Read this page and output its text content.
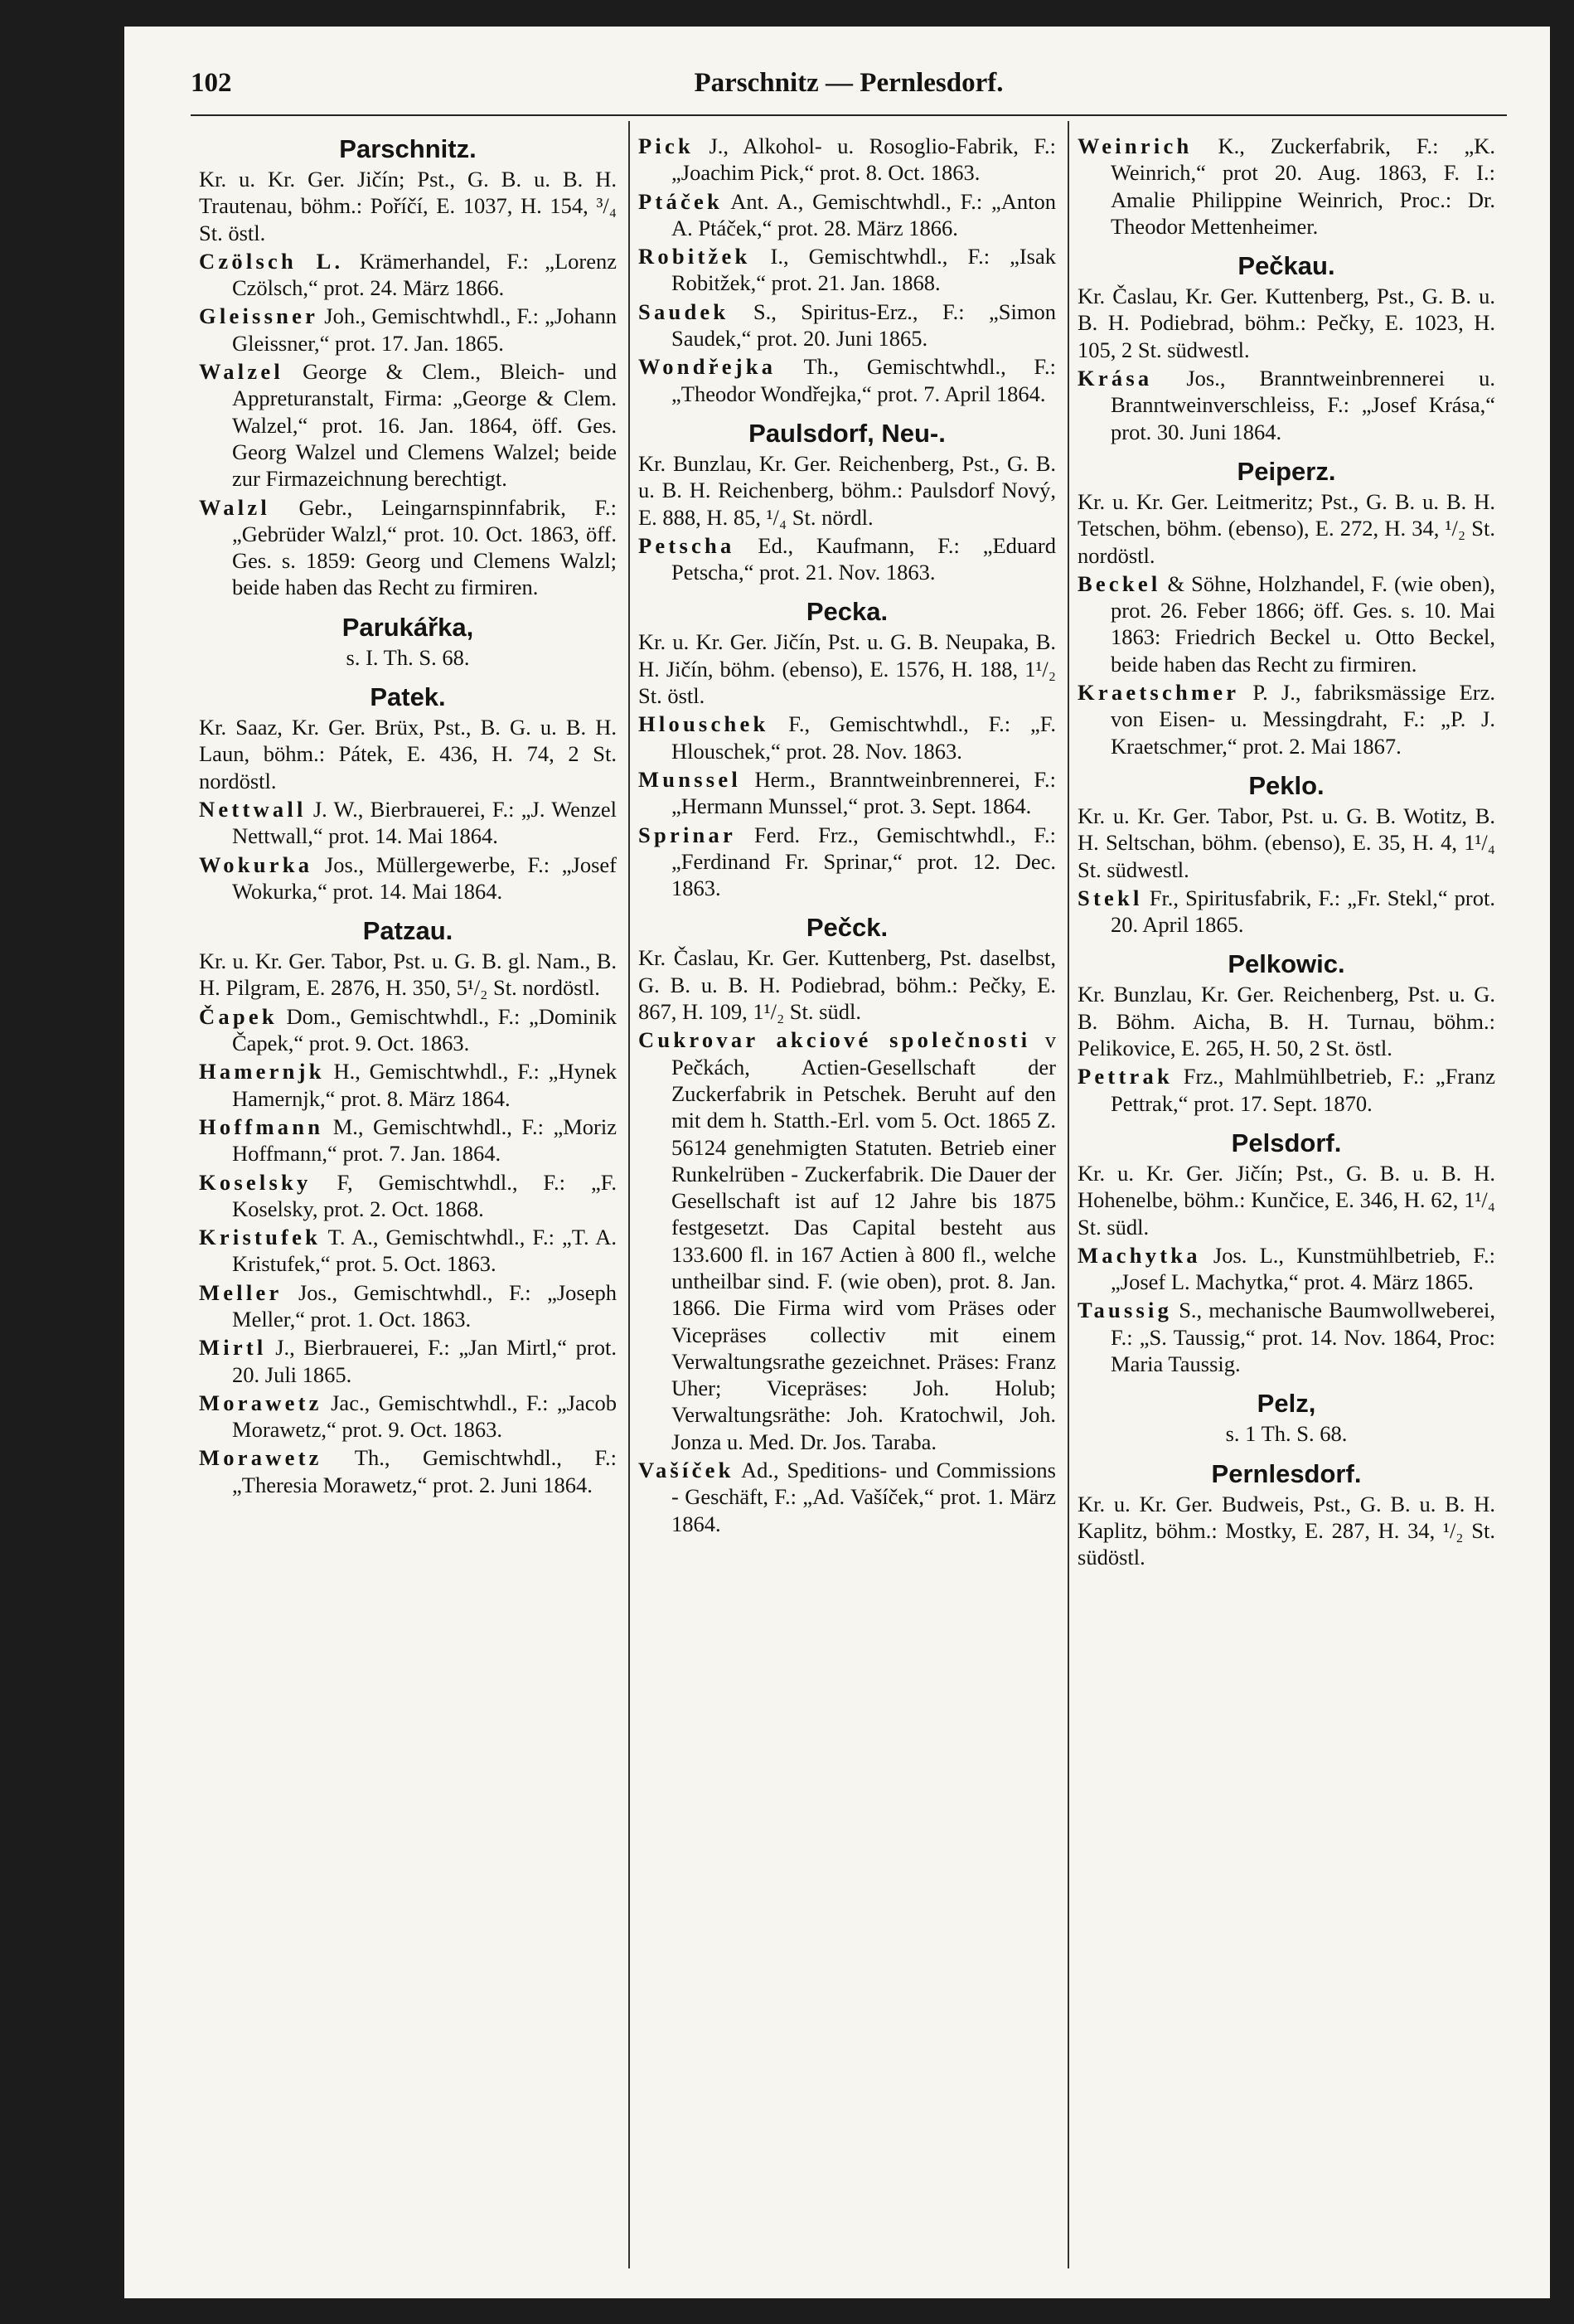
102	Parschnitz — Pernlesdorf.

Parschnitz.

Kr. u. Kr. Ger. Jičín; Pst., G. B. u. B. H. Trautenau, böhm.: Poříčí, E. 1037, H. 154, ³/₄ St. östl.

Czölsch L. Krämerhandel, F.: „Lorenz Czölsch,“ prot. 24. März 1866.

Gleissner Joh., Gemischtwhdl., F.: „Johann Gleissner,“ prot. 17. Jan. 1865.

Walzel George & Clem., Bleich- und Appreturanstalt, Firma: „George & Clem. Walzel,“ prot. 16. Jan. 1864, öff. Ges. Georg Walzel und Clemens Walzel; beide zur Firmazeichnung berechtigt.

Walzl Gebr., Leingarnspinnfabrik, F.: „Gebrüder Walzl,“ prot. 10. Oct. 1863, öff. Ges. s. 1859: Georg und Clemens Walzl; beide haben das Recht zu firmiren.

Parukářka,

s. I. Th. S. 68.

Patek.

Kr. Saaz, Kr. Ger. Brüx, Pst., B. G. u. B. H. Laun, böhm.: Pátek, E. 436, H. 74, 2 St. nordöstl.

Nettwall J. W., Bierbrauerei, F.: „J. Wenzel Nettwall,“ prot. 14. Mai 1864.

Wokurka Jos., Müllergewerbe, F.: „Josef Wokurka,“ prot. 14. Mai 1864.

Patzau.

Kr. u. Kr. Ger. Tabor, Pst. u. G. B. gl. Nam., B. H. Pilgram, E. 2876, H. 350, 5¹/₂ St. nordöstl.

Čapek Dom., Gemischtwhdl., F.: „Dominik Čapek,“ prot. 9. Oct. 1863.

Hamernjk H., Gemischtwhdl., F.: „Hynek Hamernjk,“ prot. 8. März 1864.

Hoffmann M., Gemischtwhdl., F.: „Moriz Hoffmann,“ prot. 7. Jan. 1864.

Koselsky F, Gemischtwhdl., F.: „F. Koselsky, prot. 2. Oct. 1868.

Kristufek T. A., Gemischtwhdl., F.: „T. A. Kristufek,“ prot. 5. Oct. 1863.

Meller Jos., Gemischtwhdl., F.: „Joseph Meller,“ prot. 1. Oct. 1863.

Mirtl J., Bierbrauerei, F.: „Jan Mirtl,“ prot. 20. Juli 1865.

Morawetz Jac., Gemischtwhdl., F.: „Jacob Morawetz,“ prot. 9. Oct. 1863.

Morawetz Th., Gemischtwhdl., F.: „Theresia Morawetz,“ prot. 2. Juni 1864.

Pick J., Alkohol- u. Rosoglio-Fabrik, F.: „Joachim Pick,“ prot. 8. Oct. 1863.

Ptáček Ant. A., Gemischtwhdl., F.: „Anton A. Ptáček,“ prot. 28. März 1866.

Robitžek I., Gemischtwhdl., F.: „Isak Robitžek,“ prot. 21. Jan. 1868.

Saudek S., Spiritus-Erz., F.: „Simon Saudek,“ prot. 20. Juni 1865.

Wondřejka Th., Gemischtwhdl., F.: „Theodor Wondřejka,“ prot. 7. April 1864.

Paulsdorf, Neu-.

Kr. Bunzlau, Kr. Ger. Reichenberg, Pst., G. B. u. B. H. Reichenberg, böhm.: Paulsdorf Nový, E. 888, H. 85, ¹/₄ St. nördl.

Petscha Ed., Kaufmann, F.: „Eduard Petscha,“ prot. 21. Nov. 1863.

Pecka.

Kr. u. Kr. Ger. Jičín, Pst. u. G. B. Neupaka, B. H. Jičín, böhm. (ebenso), E. 1576, H. 188, 1¹/₂ St. östl.

Hlouschek F., Gemischtwhdl., F.: „F. Hlouschek,“ prot. 28. Nov. 1863.

Munssel Herm., Branntweinbrennerei, F.: „Hermann Munssel,“ prot. 3. Sept. 1864.

Sprinar Ferd. Frz., Gemischtwhdl., F.: „Ferdinand Fr. Sprinar,“ prot. 12. Dec. 1863.

Pečck.

Kr. Časlau, Kr. Ger. Kuttenberg, Pst. daselbst, G. B. u. B. H. Podiebrad, böhm.: Pečky, E. 867, H. 109, 1¹/₂ St. südl.

Cukrovar akciové společnosti v Pečkách, Actien-Gesellschaft der Zuckerfabrik in Petschek. Beruht auf den mit dem h. Statth.-Erl. vom 5. Oct. 1865 Z. 56124 genehmigten Statuten. Betrieb einer Runkelrüben - Zuckerfabrik. Die Dauer der Gesellschaft ist auf 12 Jahre bis 1875 festgesetzt. Das Capital besteht aus 133.600 fl. in 167 Actien à 800 fl., welche untheilbar sind. F. (wie oben), prot. 8. Jan. 1866. Die Firma wird vom Präses oder Vicepräses collectiv mit einem Verwaltungsrathe gezeichnet. Präses: Franz Uher; Vicepräses: Joh. Holub; Verwaltungsräthe: Joh. Kratochwil, Joh. Jonza u. Med. Dr. Jos. Taraba.

Vašíček Ad., Speditions- und Commissions - Geschäft, F.: „Ad. Vašíček,“ prot. 1. März 1864.

Weinrich K., Zuckerfabrik, F.: „K. Weinrich,“ prot 20. Aug. 1863, F. I.: Amalie Philippine Weinrich, Proc.: Dr. Theodor Mettenheimer.

Pečkau.

Kr. Časlau, Kr. Ger. Kuttenberg, Pst., G. B. u. B. H. Podiebrad, böhm.: Pečky, E. 1023, H. 105, 2 St. südwestl.

Krása Jos., Branntweinbrennerei u. Branntweinverschleiss, F.: „Josef Krása,“ prot. 30. Juni 1864.

Peiperz.

Kr. u. Kr. Ger. Leitmeritz; Pst., G. B. u. B. H. Tetschen, böhm. (ebenso), E. 272, H. 34, ¹/₂ St. nordöstl.

Beckel & Söhne, Holzhandel, F. (wie oben), prot. 26. Feber 1866; öff. Ges. s. 10. Mai 1863: Friedrich Beckel u. Otto Beckel, beide haben das Recht zu firmiren.

Kraetschmer P. J., fabriksmässige Erz. von Eisen- u. Messingdraht, F.: „P. J. Kraetschmer,“ prot. 2. Mai 1867.

Peklo.

Kr. u. Kr. Ger. Tabor, Pst. u. G. B. Wotitz, B. H. Seltschan, böhm. (ebenso), E. 35, H. 4, 1¹/₄ St. südwestl.

Stekl Fr., Spiritusfabrik, F.: „Fr. Stekl,“ prot. 20. April 1865.

Pelkowic.

Kr. Bunzlau, Kr. Ger. Reichenberg, Pst. u. G. B. Böhm. Aicha, B. H. Turnau, böhm.: Pelikovice, E. 265, H. 50, 2 St. östl.

Pettrak Frz., Mahlmühlbetrieb, F.: „Franz Pettrak,“ prot. 17. Sept. 1870.

Pelsdorf.

Kr. u. Kr. Ger. Jičín; Pst., G. B. u. B. H. Hohenelbe, böhm.: Kunčice, E. 346, H. 62, 1¹/₄ St. südl.

Machytka Jos. L., Kunstmühlbetrieb, F.: „Josef L. Machytka,“ prot. 4. März 1865.

Taussig S., mechanische Baumwollweberei, F.: „S. Taussig,“ prot. 14. Nov. 1864, Proc: Maria Taussig.

Pelz,

s. 1 Th. S. 68.

Pernlesdorf.

Kr. u. Kr. Ger. Budweis, Pst., G. B. u. B. H. Kaplitz, böhm.: Mostky, E. 287, H. 34, ¹/₂ St. südöstl.
